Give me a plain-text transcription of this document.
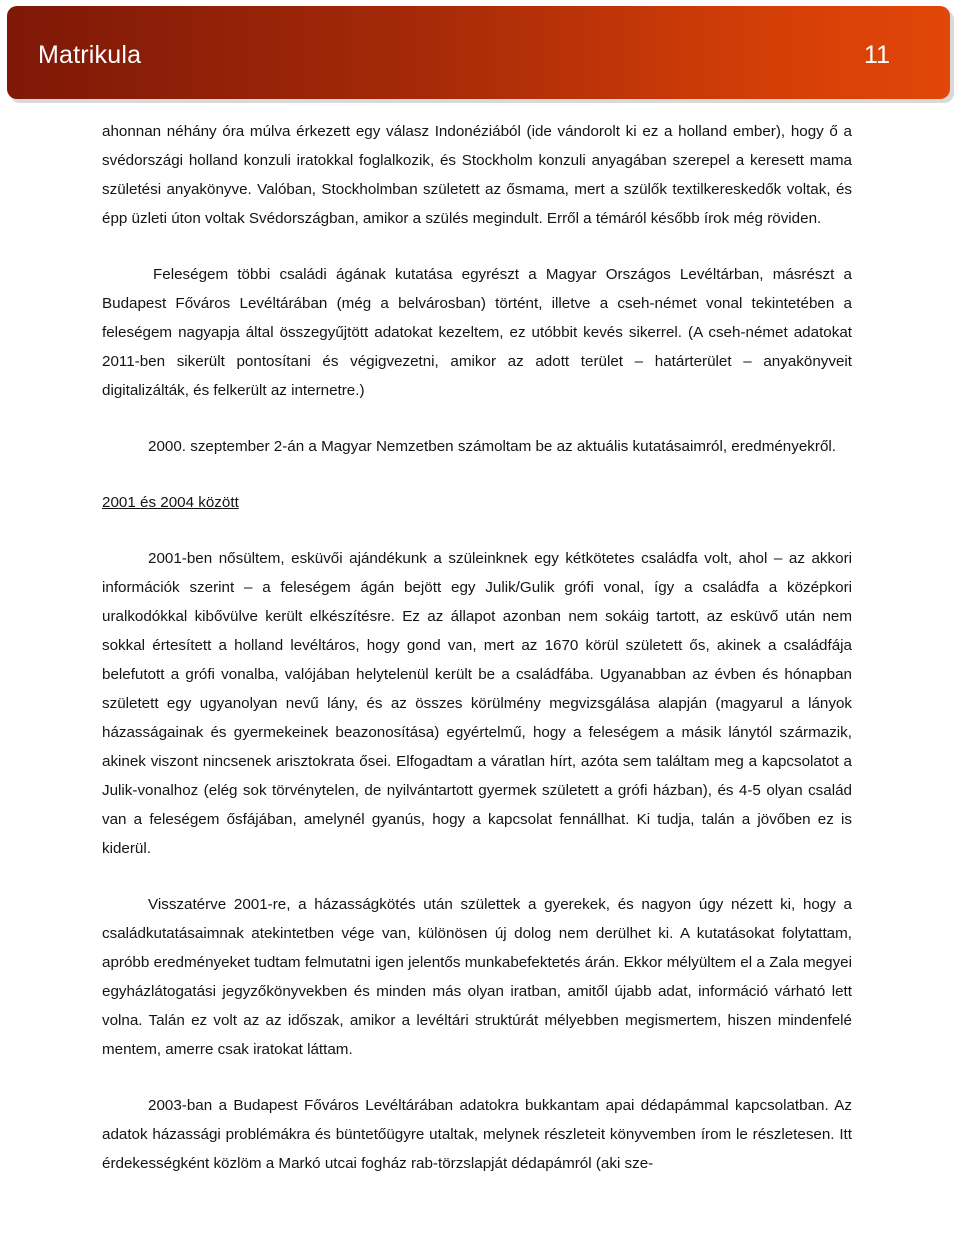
Matrikula	11

ahonnan néhány óra múlva érkezett egy válasz Indonéziából (ide vándorolt ki ez a holland ember), hogy ő a svédországi holland konzuli iratokkal foglalkozik, és Stockholm konzuli anyagában szerepel a keresett mama születési anyakönyve. Valóban, Stockholmban született az ősmama, mert a szülők textilkereskedők voltak, és épp üzleti úton voltak Svédországban, amikor a szülés megindult. Erről a témáról később írok még röviden.

Feleségem többi családi ágának kutatása egyrészt a Magyar Országos Levéltárban, másrészt a Budapest Főváros Levéltárában (még a belvárosban) történt, illetve a cseh-német vonal tekintetében a feleségem nagyapja által összegyűjtött adatokat kezeltem, ez utóbbit kevés sikerrel. (A cseh-német adatokat 2011-ben sikerült pontosítani és végigvezetni, amikor az adott terület – határterület – anyakönyveit digitalizálták, és felkerült az internetre.)

2000. szeptember 2-án a Magyar Nemzetben számoltam be az aktuális kutatásaimról, eredményekről.

2001 és 2004 között

2001-ben nősültem, esküvői ajándékunk a szüleinknek egy kétkötetes családfa volt, ahol – az akkori információk szerint – a feleségem ágán bejött egy Julik/Gulik grófi vonal, így a családfa a középkori uralkodókkal kibővülve került elkészítésre. Ez az állapot azonban nem sokáig tartott, az esküvő után nem sokkal értesített a holland levéltáros, hogy gond van, mert az 1670 körül született ős, akinek a családfája belefutott a grófi vonalba, valójában helytelenül került be a családfába. Ugyanabban az évben és hónapban született egy ugyanolyan nevű lány, és az összes körülmény megvizsgálása alapján (magyarul a lányok házasságainak és gyermekeinek beazonosítása) egyértelmű, hogy a feleségem a másik lánytól származik, akinek viszont nincsenek arisztokrata ősei. Elfogadtam a váratlan hírt, azóta sem találtam meg a kapcsolatot a Julik-vonalhoz (elég sok törvénytelen, de nyilvántartott gyermek született a grófi házban), és 4-5 olyan család van a feleségem ősfájában, amelynél gyanús, hogy a kapcsolat fennállhat. Ki tudja, talán a jövőben ez is kiderül.

Visszatérve 2001-re, a házasságkötés után születtek a gyerekek, és nagyon úgy nézett ki, hogy a családkutatásaimnak atekintetben vége van, különösen új dolog nem derülhet ki. A kutatásokat folytattam, apróbb eredményeket tudtam felmutatni igen jelentős munkabefektetés árán. Ekkor mélyültem el a Zala megyei egyházlátogatási jegyzőkönyvekben és minden más olyan iratban, amitől újabb adat, információ várható lett volna. Talán ez volt az az időszak, amikor a levéltári struktúrát mélyebben megismertem, hiszen mindenfelé mentem, amerre csak iratokat láttam.

2003-ban a Budapest Főváros Levéltárában adatokra bukkantam apai dédapámmal kapcsolatban. Az adatok házassági problémákra és büntetőügyre utaltak, melynek részleteit könyvemben írom le részletesen. Itt érdekességként közlöm a Markó utcai fogház rab-törzslapját dédapámról (aki sze-
